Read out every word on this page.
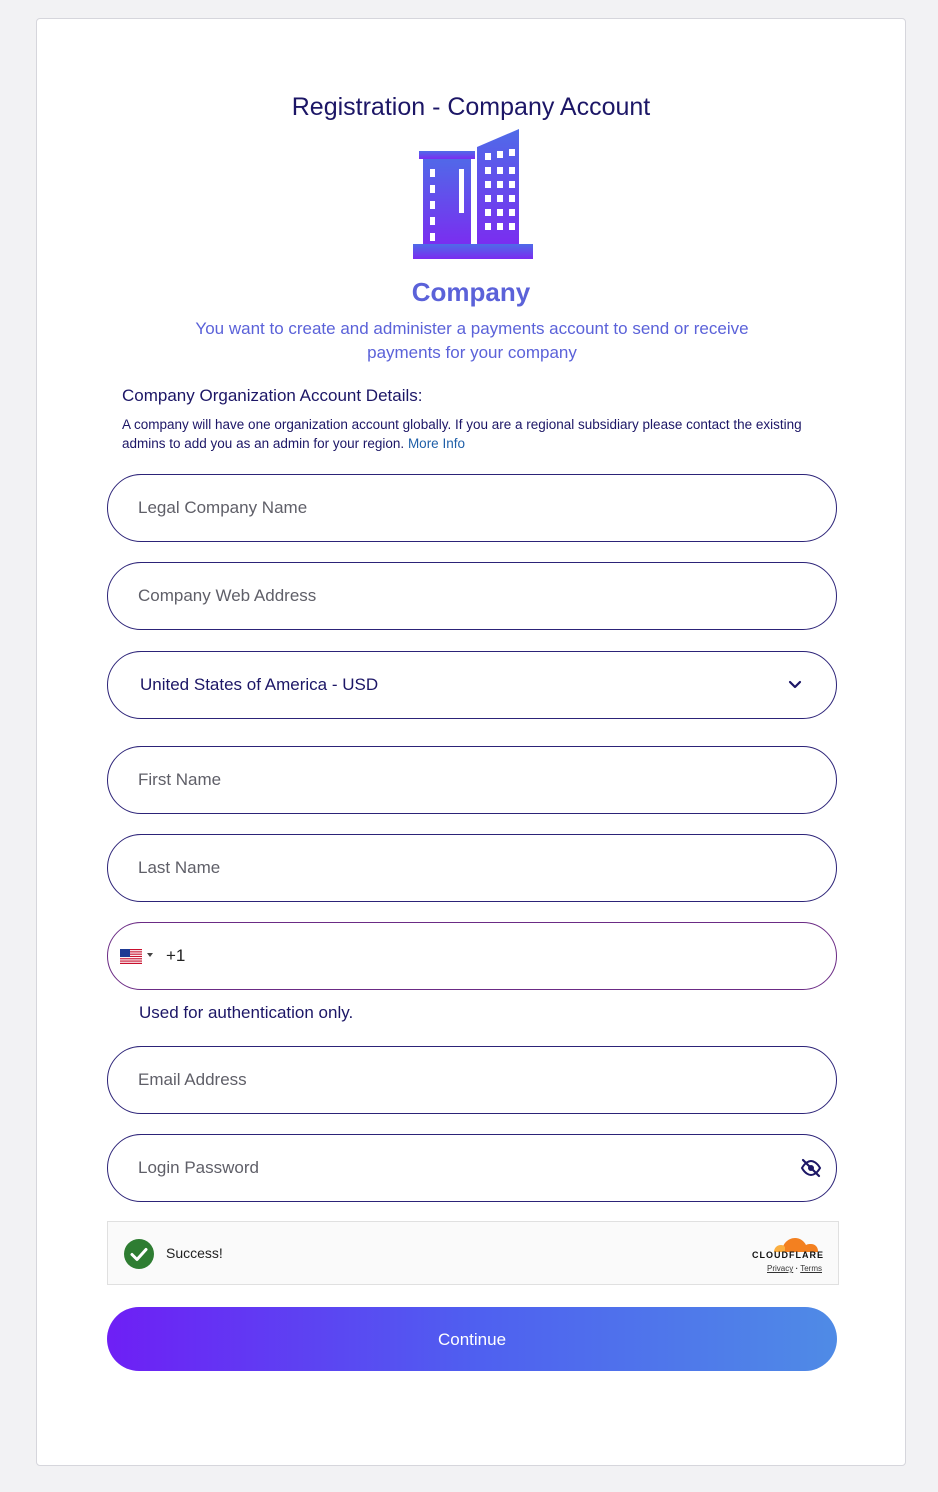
Registration - Company Account
Company
You want to create and administer a payments account to send or receive payments for your company
Company Organization Account Details:
A company will have one organization account globally. If you are a regional subsidiary please contact the existing admins to add you as an admin for your region. More Info
Legal Company Name
Company Web Address
United States of America - USD
First Name
Last Name
+1
Used for authentication only.
Email Address
Login Password
Success!	CLOUDFLARE
Privacy · Terms
Continue
